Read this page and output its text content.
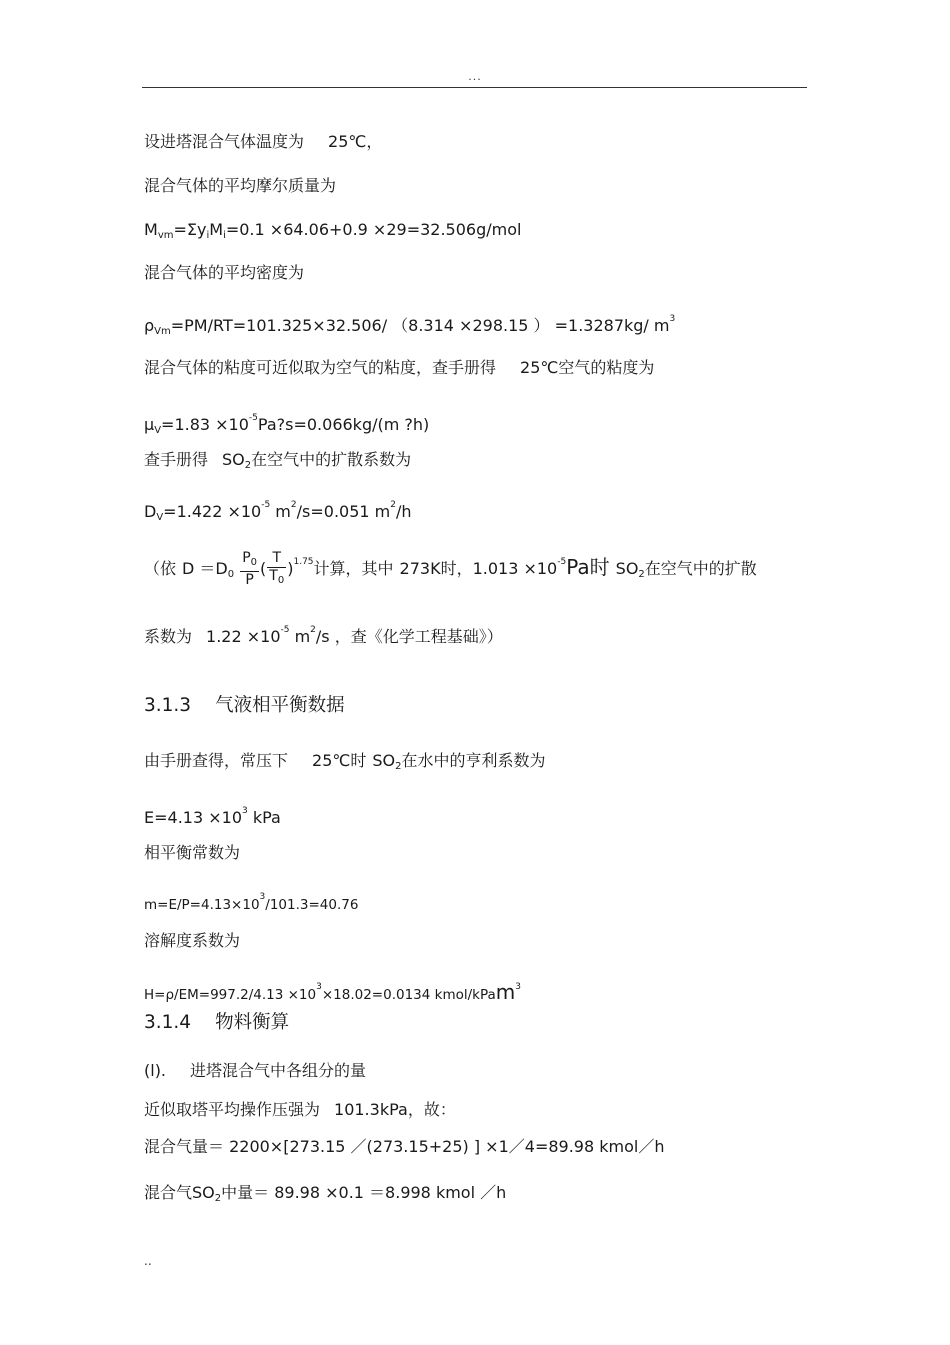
...
设进塔混合气体温度为 25℃，
混合气体的平均摩尔质量为
$M_{vm}=\Sigma y_iM_i=0.1 \times 64.06+0.9 \times 29=32.506g/mol$
混合气体的平均密度为
$\rho_{Vm}=PM/RT=101.325\times 32.506/$ （8.314 ×298.15 ） =1.3287kg/ $m^3$
混合气体的粘度可近似取为空气的粘度，查手册得 25℃空气的粘度为
$\mu_V=1.83$ $\times 10^{-5}Pa?s=0.066kg/(m$ ?h)
查手册得 $SO_2$在空气中的扩散系数为
$D_V=1.422 \times 10^{-5}$ $m^2/s=0.051$ $m^2/h$
（依 $D =D_0 \frac{P_0}{P}$ ( $\frac{T}{T_0} )^{1.75}$计算，其中 273K时，$1.013 \times 10^{-5}Pa$时 $SO_2$在空气中的扩散
系数为 $1.22 \times 10^{-5}$ $m^2/s$ ，查《化学工程基础》）
3.1.3 气液相平衡数据
由手册查得，常压下 25℃时 $SO_2$在水中的亨利系数为
$E=4.13 \times 10^3$ kPa
相平衡常数为
$m=E/P=4.13\times 10^3/101.3=40.76$
溶解度系数为
$H=\rho/EM=997.2/4.13 \times 10^3\times 18.02=0.0134$ kmol/kPam$^3$
3.1.4 物料衡算
(l). 进塔混合气中各组分的量
近似取塔平均操作压强为 101.3kPa，故：
混合气量＝ 2200×[273.15 ／(273.15+25) ] ×1／4=89.98 kmol／h
混合气$SO_2$中量＝ 89.98 ×0.1 ＝8.998 kmol ／h
..
